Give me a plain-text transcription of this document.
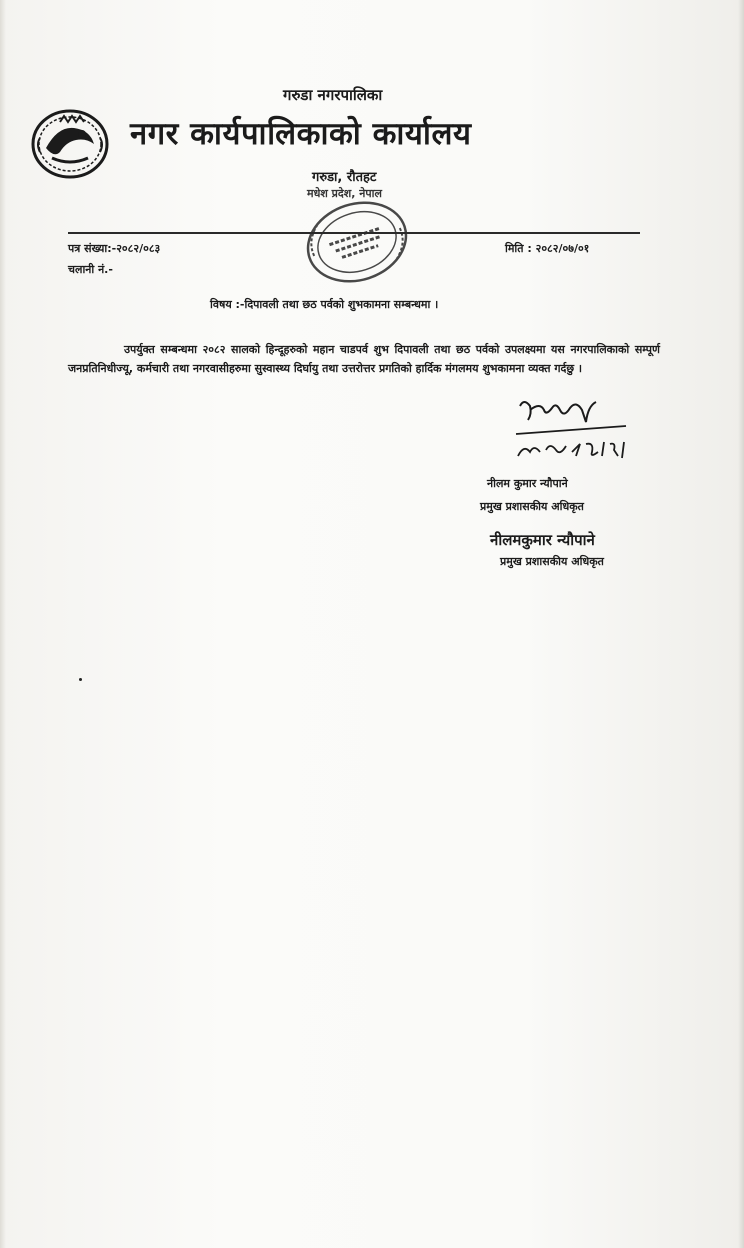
गरुडा नगरपालिका
नगर कार्यपालिकाको कार्यालय
गरुडा, रौतहट
मधेश प्रदेश, नेपाल
पत्र संख्या:-२०८२/०८३
चलानी नं.-
मिति : २०८२/०७/०१
विषय :-दिपावली तथा छठ पर्वको शुभकामना सम्बन्धमा ।
उपर्युक्त सम्बन्धमा २०८२ सालको हिन्दूहरुको महान चाडपर्व शुभ दिपावली तथा छठ पर्वको उपलक्ष्यमा यस नगरपालिकाको सम्पूर्ण जनप्रतिनिधीज्यू, कर्मचारी तथा नगरवासीहरुमा सुस्वास्थ्य दिर्घायु तथा उत्तरोत्तर प्रगतिको हार्दिक मंगलमय शुभकामना व्यक्त गर्दछु ।
नीलम कुमार न्यौपाने
प्रमुख प्रशासकीय अधिकृत
नीलमकुमार न्यौपाने
प्रमुख प्रशासकीय अधिकृत
